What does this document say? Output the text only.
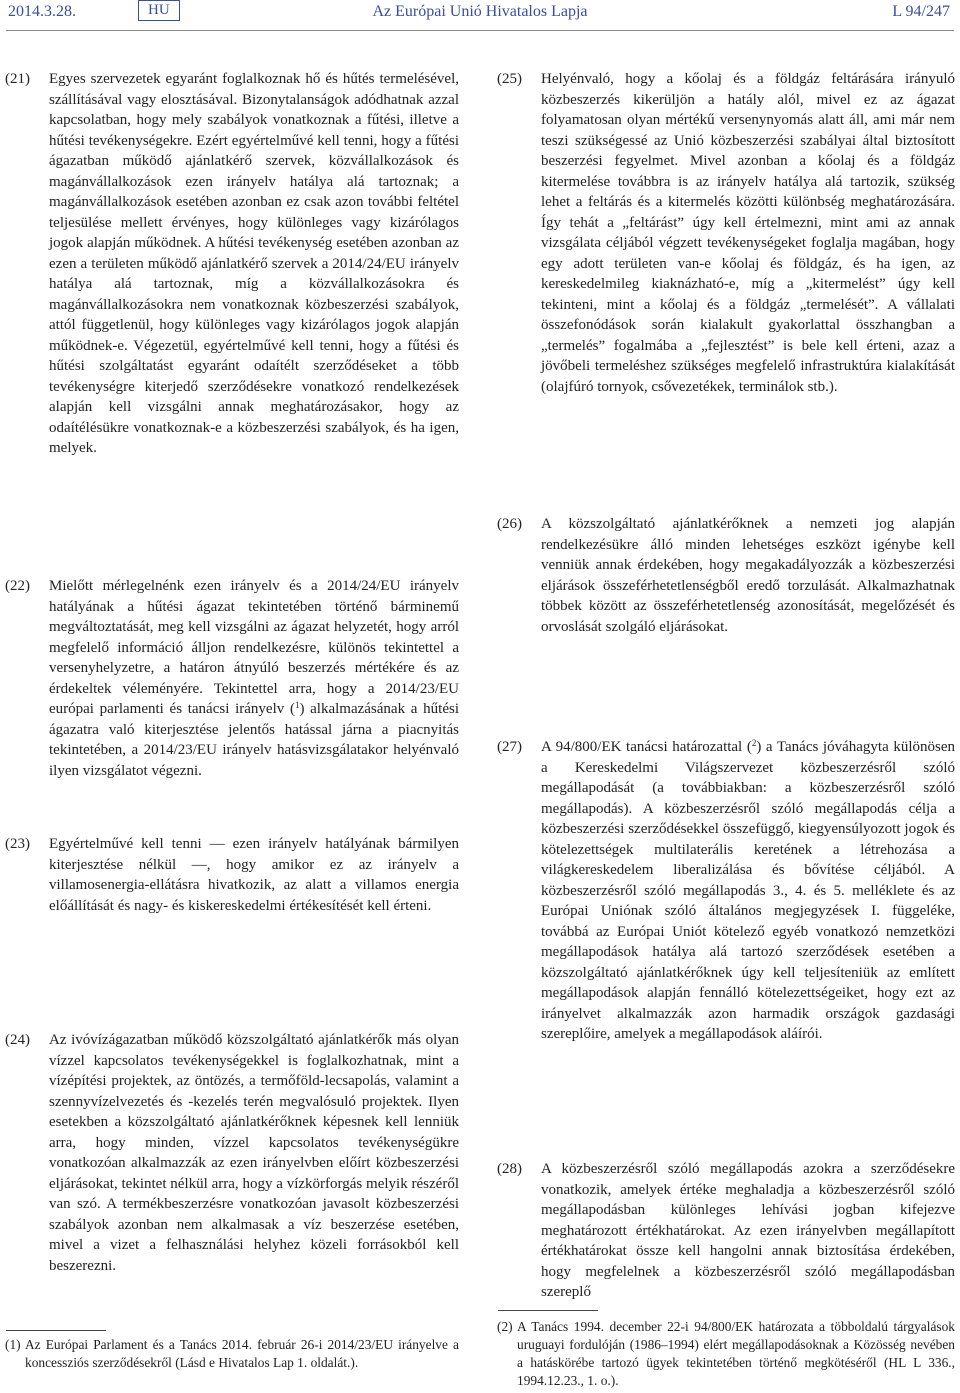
2014.3.28.	HU	Az Európai Unió Hivatalos Lapja	L 94/247
(21)	Egyes szervezetek egyaránt foglalkoznak hő és hűtés termelésével, szállításával vagy elosztásával. Bizonytalanságok adódhatnak azzal kapcsolatban, hogy mely szabályok vonatkoznak a fűtési, illetve a hűtési tevékenységekre. Ezért egyértelművé kell tenni, hogy a fűtési ágazatban működő ajánlatkérő szervek, közvállalkozások és magánvállalkozások ezen irányelv hatálya alá tartoznak; a magánvállalkozások esetében azonban ez csak azon további feltétel teljesülése mellett érvényes, hogy különleges vagy kizárólagos jogok alapján működnek. A hűtési tevékenység esetében azonban az ezen a területen működő ajánlatkérő szervek a 2014/24/EU irányelv hatálya alá tartoznak, míg a közvállalkozásokra és magánvállalkozásokra nem vonatkoznak közbeszerzési szabályok, attól függetlenül, hogy különleges vagy kizárólagos jogok alapján működnek-e. Végezetül, egyértelművé kell tenni, hogy a fűtési és hűtési szolgáltatást egyaránt odaítélt szerződéseket a több tevékenységre kiterjedő szerződésekre vonatkozó rendelkezések alapján kell vizsgálni annak meghatározásakor, hogy az odaítélésükre vonatkoznak-e a közbeszerzési szabályok, és ha igen, melyek.
(22)	Mielőtt mérlegelnénk ezen irányelv és a 2014/24/EU irányelv hatályának a hűtési ágazat tekintetében történő bárminemű megváltoztatását, meg kell vizsgálni az ágazat helyzetét, hogy arról megfelelő információ álljon rendelkezésre, különös tekintettel a versenyhelyzetre, a határon átnyúló beszerzés mértékére és az érdekeltek véleményére. Tekintettel arra, hogy a 2014/23/EU európai parlamenti és tanácsi irányelv ($^1$) alkalmazásának a hűtési ágazatra való kiterjesztése jelentős hatással járna a piacnyitás tekintetében, a 2014/23/EU irányelv hatásvizsgálatakor helyénvaló ilyen vizsgálatot végezni.
(23)	Egyértelművé kell tenni ― ezen irányelv hatályának bármilyen kiterjesztése nélkül ―, hogy amikor ez az irányelv a villamosenergia-ellátásra hivatkozik, az alatt a villamos energia előállítását és nagy- és kiskereskedelmi értékesítését kell érteni.
(24)	Az ivóvízágazatban működő közszolgáltató ajánlatkérők más olyan vízzel kapcsolatos tevékenységekkel is foglalkozhatnak, mint a vízépítési projektek, az öntözés, a termőföld-lecsapolás, valamint a szennyvízelvezetés és -kezelés terén megvalósuló projektek. Ilyen esetekben a közszolgáltató ajánlatkérőknek képesnek kell lenniük arra, hogy minden, vízzel kapcsolatos tevékenységükre vonatkozóan alkalmazzák az ezen irányelvben előírt közbeszerzési eljárásokat, tekintet nélkül arra, hogy a vízkörforgás melyik részéről van szó. A termékbeszerzésre vonatkozóan javasolt közbeszerzési szabályok azonban nem alkalmasak a víz beszerzése esetében, mivel a vizet a felhasználási helyhez közeli forrásokból kell beszerezni.
(25)	Helyénvaló, hogy a kőolaj és a földgáz feltárására irányuló közbeszerzés kikerüljön a hatály alól, mivel ez az ágazat folyamatosan olyan mértékű versenynyomás alatt áll, ami már nem teszi szükségessé az Unió közbeszerzési szabályai által biztosított beszerzési fegyelmet. Mivel azonban a kőolaj és a földgáz kitermelése továbbra is az irányelv hatálya alá tartozik, szükség lehet a feltárás és a kitermelés közötti különbség meghatározására. Így tehát a „feltárást” úgy kell értelmezni, mint ami az annak vizsgálata céljából végzett tevékenységeket foglalja magában, hogy egy adott területen van-e kőolaj és földgáz, és ha igen, az kereskedelmileg kiaknázható-e, míg a „kitermelést” úgy kell tekinteni, mint a kőolaj és a földgáz „termelését”. A vállalati összefonódások során kialakult gyakorlattal összhangban a „termelés” fogalmába a „fejlesztést” is bele kell érteni, azaz a jövőbeli termeléshez szükséges megfelelő infrastruktúra kialakítását (olajfúró tornyok, csővezetékek, terminálok stb.).
(26)	A közszolgáltató ajánlatkérőknek a nemzeti jog alapján rendelkezésükre álló minden lehetséges eszközt igénybe kell venniük annak érdekében, hogy megakadályozzák a közbeszerzési eljárások összeférhetetlenségből eredő torzulását. Alkalmazhatnak többek között az összeférhetetlenség azonosítását, megelőzését és orvoslását szolgáló eljárásokat.
(27)	A 94/800/EK tanácsi határozattal ($^2$) a Tanács jóváhagyta különösen a Kereskedelmi Világszervezet közbeszerzésről szóló megállapodását (a továbbiakban: a közbeszerzésről szóló megállapodás). A közbeszerzésről szóló megállapodás célja a közbeszerzési szerződésekkel összefüggő, kiegyensúlyozott jogok és kötelezettségek multilaterális keretének a létrehozása a világkereskedelem liberalizálása és bővítése céljából. A közbeszerzésről szóló megállapodás 3., 4. és 5. melléklete és az Európai Uniónak szóló általános megjegyzések I. függeléke, továbbá az Európai Uniót kötelező egyéb vonatkozó nemzetközi megállapodások hatálya alá tartozó szerződések esetében a közszolgáltató ajánlatkérőknek úgy kell teljesíteniük az említett megállapodások alapján fennálló kötelezettségeiket, hogy ezt az irányelvet alkalmazzák azon harmadik országok gazdasági szereplőire, amelyek a megállapodások aláírói.
(28)	A közbeszerzésről szóló megállapodás azokra a szerződésekre vonatkozik, amelyek értéke meghaladja a közbeszerzésről szóló megállapodásban különleges lehívási jogban kifejezve meghatározott értékhatárokat. Az ezen irányelvben megállapított értékhatárokat össze kell hangolni annak biztosítása érdekében, hogy megfelelnek a közbeszerzésről szóló megállapodásban szereplő
(1) Az Európai Parlament és a Tanács 2014. február 26-i 2014/23/EU irányelve a koncessziós szerződésekről (Lásd e Hivatalos Lap 1. oldalát.).
(2) A Tanács 1994. december 22-i 94/800/EK határozata a többoldalú tárgyalások uruguayi fordulóján (1986–1994) elért megállapodásoknak a Közösség nevében a hatáskörébe tartozó ügyek tekintetében történő megkötéséről (HL L 336., 1994.12.23., 1. o.).
